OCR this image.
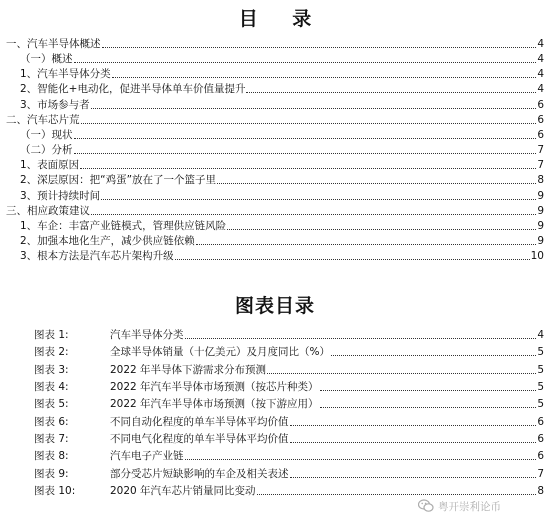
目 录
一、汽车半导体概述	4
（一）概述	4
1、汽车半导体分类	4
2、智能化+电动化，促进半导体单车价值量提升	4
3、市场参与者	6
二、汽车芯片荒	6
（一）现状	6
（二）分析	7
1、表面原因	7
2、深层原因：把“鸡蛋”放在了一个篮子里	8
3、预计持续时间	9
三、相应政策建议	9
1、车企：丰富产业链模式，管理供应链风险	9
2、加强本地化生产，减少供应链依赖	9
3、根本方法是汽车芯片架构升级	10
图表目录
图表 1:	汽车半导体分类	4
图表 2:	全球半导体销量（十亿美元）及月度同比（%）	5
图表 3:	2022 年半导体下游需求分布预测	5
图表 4:	2022 年汽车半导体市场预测（按芯片种类）	5
图表 5:	2022 年汽车半导体市场预测（按下游应用）	5
图表 6:	不同自动化程度的单车半导体平均价值	6
图表 7:	不同电气化程度的单车半导体平均价值	6
图表 8:	汽车电子产业链	6
图表 9:	部分受芯片短缺影响的车企及相关表述	7
图表 10:	2020 年汽车芯片销量同比变动	8
粤开崇利论币
